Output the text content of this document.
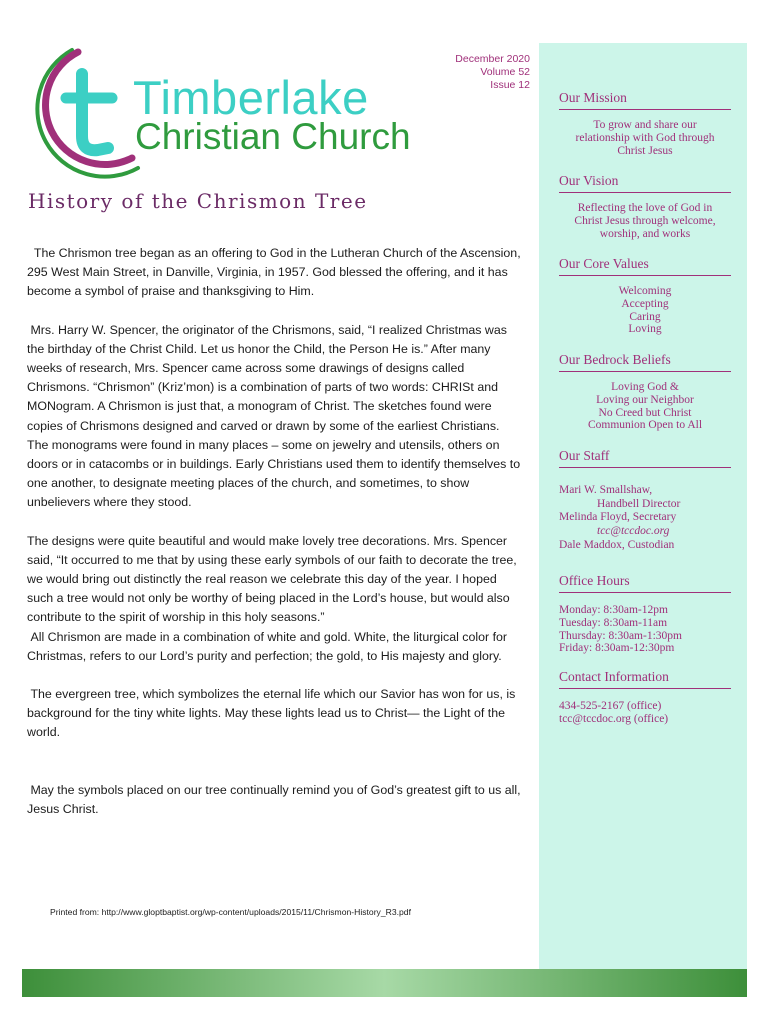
December 2020
Volume 52
Issue 12
Timberlake
Christian Church
History of the Chrismon Tree

The Chrismon tree began as an offering to God in the Lutheran Church of the Ascension, 295 West Main Street, in Danville, Virginia, in 1957. God blessed the offering, and it has become a symbol of praise and thanksgiving to Him.

Mrs. Harry W. Spencer, the originator of the Chrismons, said, “I realized Christmas was the birthday of the Christ Child. Let us honor the Child, the Person He is.” After many weeks of research, Mrs. Spencer came across some drawings of designs called Chrismons. “Chrismon” (Kriz’mon) is a combination of parts of two words: CHRISt and MONogram. A Chrismon is just that, a monogram of Christ. The sketches found were copies of Chrismons designed and carved or drawn by some of the earliest Christians. The monograms were found in many places – some on jewelry and utensils, others on doors or in catacombs or in buildings. Early Christians used them to identify themselves to one another, to designate meeting places of the church, and sometimes, to show unbelievers where they stood.

The designs were quite beautiful and would make lovely tree decorations. Mrs. Spencer said, “It occurred to me that by using these early symbols of our faith to decorate the tree, we would bring out distinctly the real reason we celebrate this day of the year. I hoped such a tree would not only be worthy of being placed in the Lord’s house, but would also contribute to the spirit of worship in this holy seasons.”

All Chrismon are made in a combination of white and gold. White, the liturgical color for Christmas, refers to our Lord’s purity and perfection; the gold, to His majesty and glory.

The evergreen tree, which symbolizes the eternal life which our Savior has won for us, is background for the tiny white lights. May these lights lead us to Christ— the Light of the world.

May the symbols placed on our tree continually remind you of God’s greatest gift to us all, Jesus Christ.

Printed from: http://www.gloptbaptist.org/wp-content/uploads/2015/11/Chrismon-History_R3.pdf
Our Mission
To grow and share our
relationship with God through
Christ Jesus
Our Vision
Reflecting the love of God in
Christ Jesus through welcome,
worship, and works
Our Core Values
Welcoming
Accepting
Caring
Loving
Our Bedrock Beliefs
Loving God &
Loving our Neighbor
No Creed but Christ
Communion Open to All
Our Staff
Mari W. Smallshaw,
Handbell Director
Melinda Floyd, Secretary
tcc@tccdoc.org
Dale Maddox, Custodian
Office Hours
Monday: 8:30am-12pm
Tuesday: 8:30am-11am
Thursday: 8:30am-1:30pm
Friday: 8:30am-12:30pm
Contact Information
434-525-2167 (office)
tcc@tccdoc.org (office)
